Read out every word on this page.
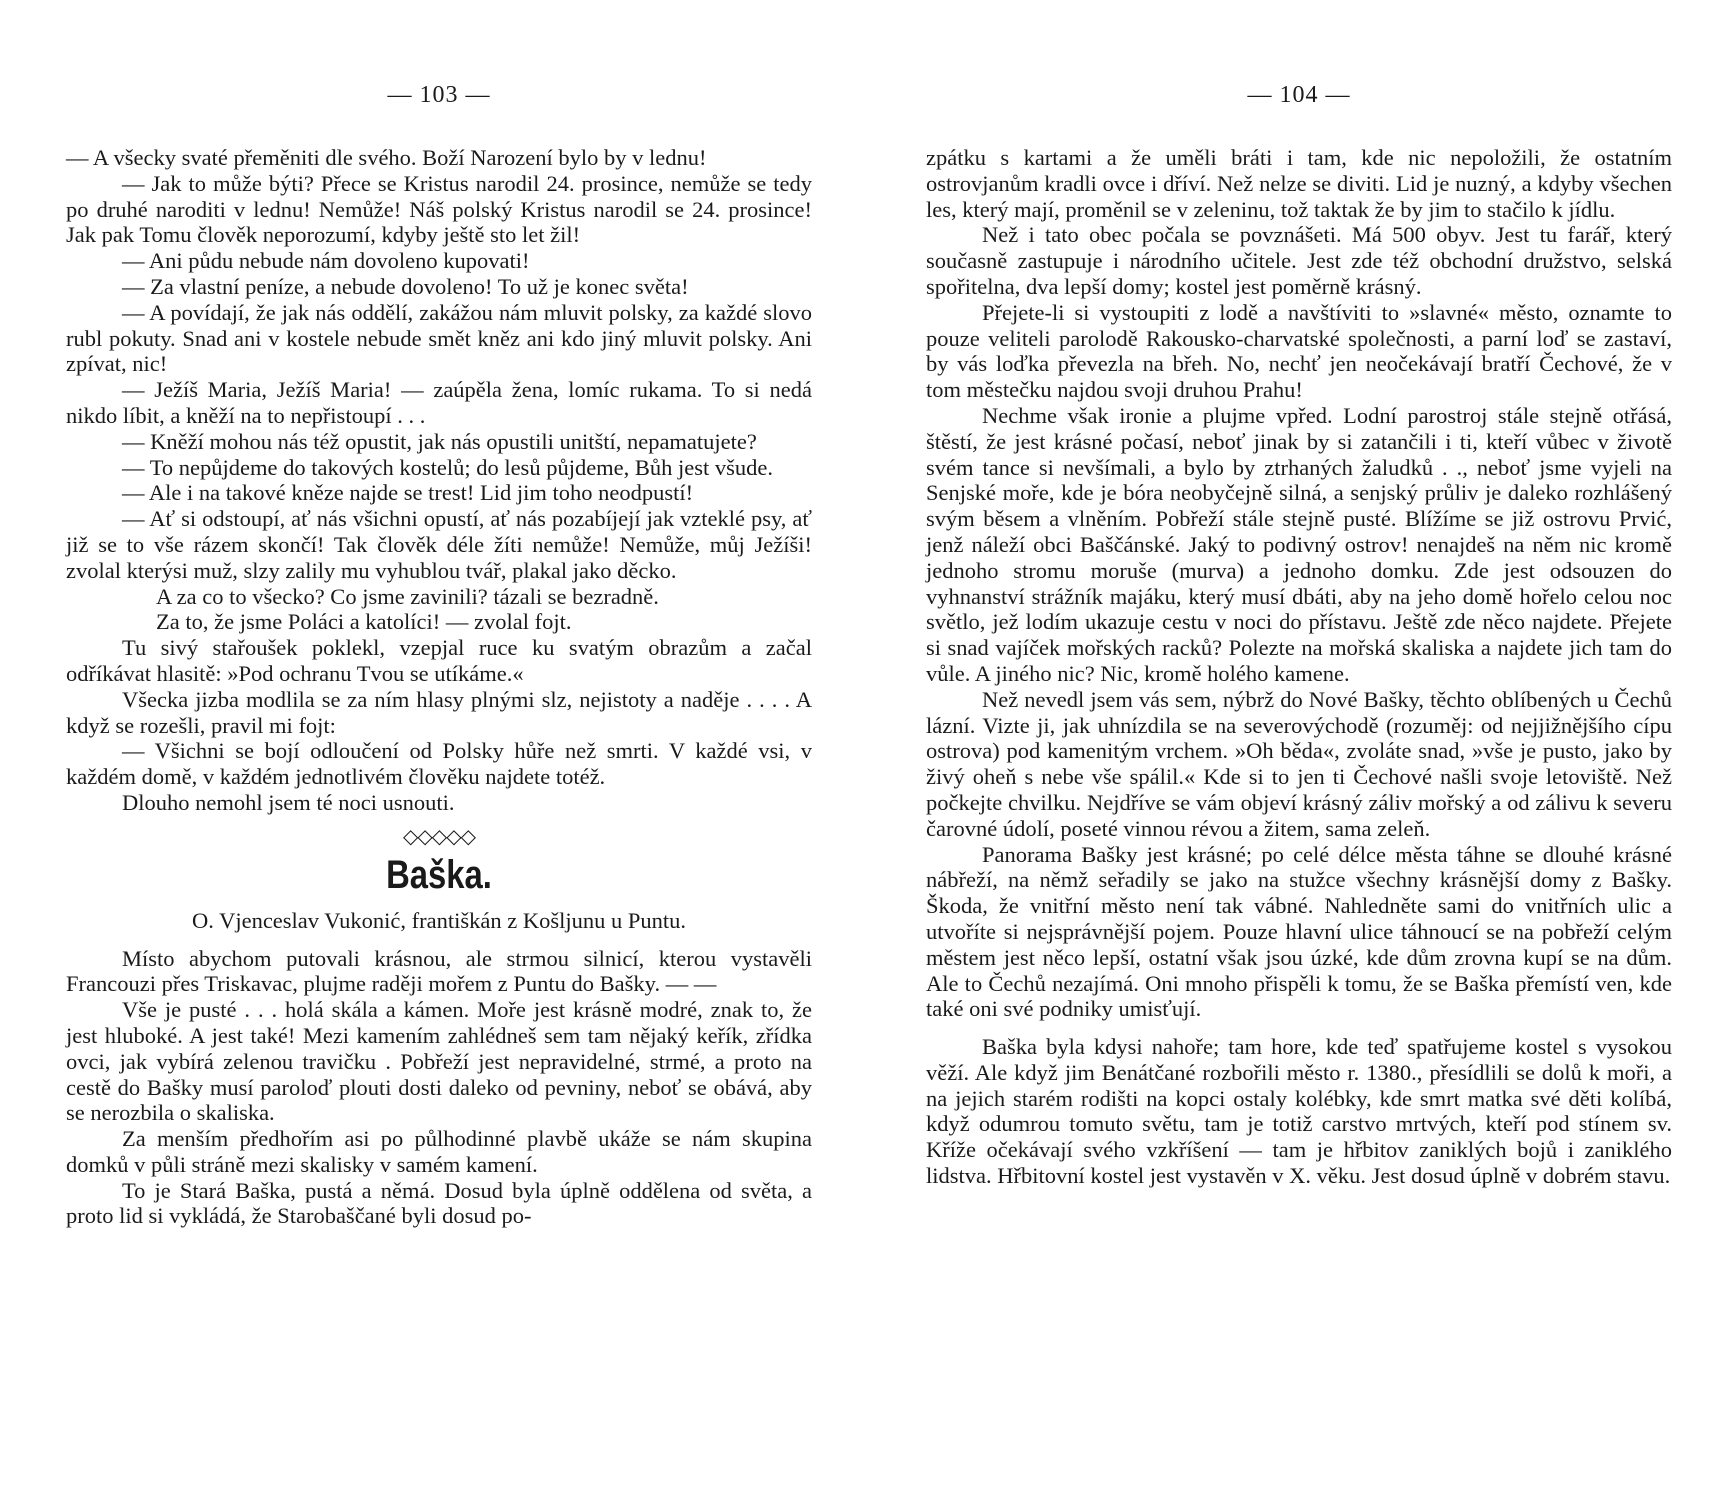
— 103 —

— A všecky svaté přeměniti dle svého. Boží Narození bylo by v lednu!

— Jak to může býti? Přece se Kristus narodil 24. prosince, nemůže se tedy po druhé naroditi v lednu! Nemůže! Náš polský Kristus narodil se 24. prosince! Jak pak Tomu člověk neporozumí, kdyby ještě sto let žil!

— Ani půdu nebude nám dovoleno kupovati!

— Za vlastní peníze, a nebude dovoleno! To už je konec světa!

— A povídají, že jak nás oddělí, zakážou nám mluvit polsky, za každé slovo rubl pokuty. Snad ani v kostele nebude smět kněz ani kdo jiný mluvit polsky. Ani zpívat, nic!

— Ježíš Maria, Ježíš Maria! — zaúpěla žena, lomíc rukama. To si nedá nikdo líbit, a kněží na to nepřistoupí . . .

— Kněží mohou nás též opustit, jak nás opustili unitští, nepamatujete?

— To nepůjdeme do takových kostelů; do lesů půjdeme, Bůh jest všude.

— Ale i na takové kněze najde se trest! Lid jim toho neodpustí!

— Ať si odstoupí, ať nás všichni opustí, ať nás pozabíjejí jak vzteklé psy, ať již se to vše rázem skončí! Tak člověk déle žíti nemůže! Nemůže, můj Ježíši! zvolal kterýsi muž, slzy zalily mu vyhublou tvář, plakal jako děcko.

A za co to všecko? Co jsme zavinili? tázali se bezradně.

Za to, že jsme Poláci a katolíci! — zvolal fojt.

Tu sivý stařoušek poklekl, vzepjal ruce ku svatým obrazům a začal odříkávat hlasitě: »Pod ochranu Tvou se utíkáme.«

Všecka jizba modlila se za ním hlasy plnými slz, nejistoty a naděje . . . . A když se rozešli, pravil mi fojt:

— Všichni se bojí odloučení od Polsky hůře než smrti. V každé vsi, v každém domě, v každém jednotlivém člověku najdete totéž.

Dlouho nemohl jsem té noci usnouti.

◇◇◇◇◇
Baška.
O. Vjenceslav Vukonić, františkán z Košljunu u Puntu.

Místo abychom putovali krásnou, ale strmou silnicí, kterou vystavěli Francouzi přes Triskavac, plujme raději mořem z Puntu do Bašky. — —

Vše je pusté . . . holá skála a kámen. Moře jest krásně modré, znak to, že jest hluboké. A jest také! Mezi kamením zahlédneš sem tam nějaký keřík, zřídka ovci, jak vybírá zelenou travičku . Pobřeží jest nepravidelné, strmé, a proto na cestě do Bašky musí paroloď plouti dosti daleko od pevniny, neboť se obává, aby se nerozbila o skaliska.

Za menším předhořím asi po půlhodinné plavbě ukáže se nám skupina domků v půli stráně mezi skalisky v samém kamení.

To je Stará Baška, pustá a němá. Dosud byla úplně oddělena od světa, a proto lid si vykládá, že Starobaščané byli dosud po-

— 104 —

zpátku s kartami a že uměli bráti i tam, kde nic nepoložili, že ostatním ostrovjanům kradli ovce i dříví. Než nelze se diviti. Lid je nuzný, a kdyby všechen les, který mají, proměnil se v zeleninu, tož taktak že by jim to stačilo k jídlu.

Než i tato obec počala se povznášeti. Má 500 obyv. Jest tu farář, který současně zastupuje i národního učitele. Jest zde též obchodní družstvo, selská spořitelna, dva lepší domy; kostel jest poměrně krásný.

Přejete-li si vystoupiti z lodě a navštíviti to »slavné« město, oznamte to pouze veliteli parolodě Rakousko-charvatské společnosti, a parní loď se zastaví, by vás loďka převezla na břeh. No, nechť jen neočekávají bratří Čechové, že v tom městečku najdou svoji druhou Prahu!

Nechme však ironie a plujme vpřed. Lodní parostroj stále stejně otřásá, štěstí, že jest krásné počasí, neboť jinak by si zatančili i ti, kteří vůbec v životě svém tance si nevšímali, a bylo by ztrhaných žaludků . ., neboť jsme vyjeli na Senjské moře, kde je bóra neobyčejně silná, a senjský průliv je daleko rozhlášený svým běsem a vlněním. Pobřeží stále stejně pusté. Blížíme se již ostrovu Prvić, jenž náleží obci Baščánské. Jaký to podivný ostrov! nenajdeš na něm nic kromě jednoho stromu moruše (murva) a jednoho domku. Zde jest odsouzen do vyhnanství strážník majáku, který musí dbáti, aby na jeho domě hořelo celou noc světlo, jež lodím ukazuje cestu v noci do přístavu. Ještě zde něco najdete. Přejete si snad vajíček mořských racků? Polezte na mořská skaliska a najdete jich tam do vůle. A jiného nic? Nic, kromě holého kamene.

Než nevedl jsem vás sem, nýbrž do Nové Bašky, těchto oblíbených u Čechů lázní. Vizte ji, jak uhnízdila se na severovýchodě (rozuměj: od nejjižnějšího cípu ostrova) pod kamenitým vrchem. »Oh běda«, zvoláte snad, »vše je pusto, jako by živý oheň s nebe vše spálil.« Kde si to jen ti Čechové našli svoje letoviště. Než počkejte chvilku. Nejdříve se vám objeví krásný záliv mořský a od zálivu k severu čarovné údolí, poseté vinnou révou a žitem, sama zeleň.

Panorama Bašky jest krásné; po celé délce města táhne se dlouhé krásné nábřeží, na němž seřadily se jako na stužce všechny krásnější domy z Bašky. Škoda, že vnitřní město není tak vábné. Nahledněte sami do vnitřních ulic a utvoříte si nejsprávnější pojem. Pouze hlavní ulice táhnoucí se na pobřeží celým městem jest něco lepší, ostatní však jsou úzké, kde dům zrovna kupí se na dům. Ale to Čechů nezajímá. Oni mnoho přispěli k tomu, že se Baška přemístí ven, kde také oni své podniky umisťují.

Baška byla kdysi nahoře; tam hore, kde teď spatřujeme kostel s vysokou věží. Ale když jim Benátčané rozbořili město r. 1380., přesídlili se dolů k moři, a na jejich starém rodišti na kopci ostaly kolébky, kde smrt matka své děti kolíbá, když odumrou tomuto světu, tam je totiž carstvo mrtvých, kteří pod stínem sv. Kříže očekávají svého vzkříšení — tam je hřbitov zaniklých bojů i zaniklého lidstva. Hřbitovní kostel jest vystavěn v X. věku. Jest dosud úplně v dobrém stavu.
